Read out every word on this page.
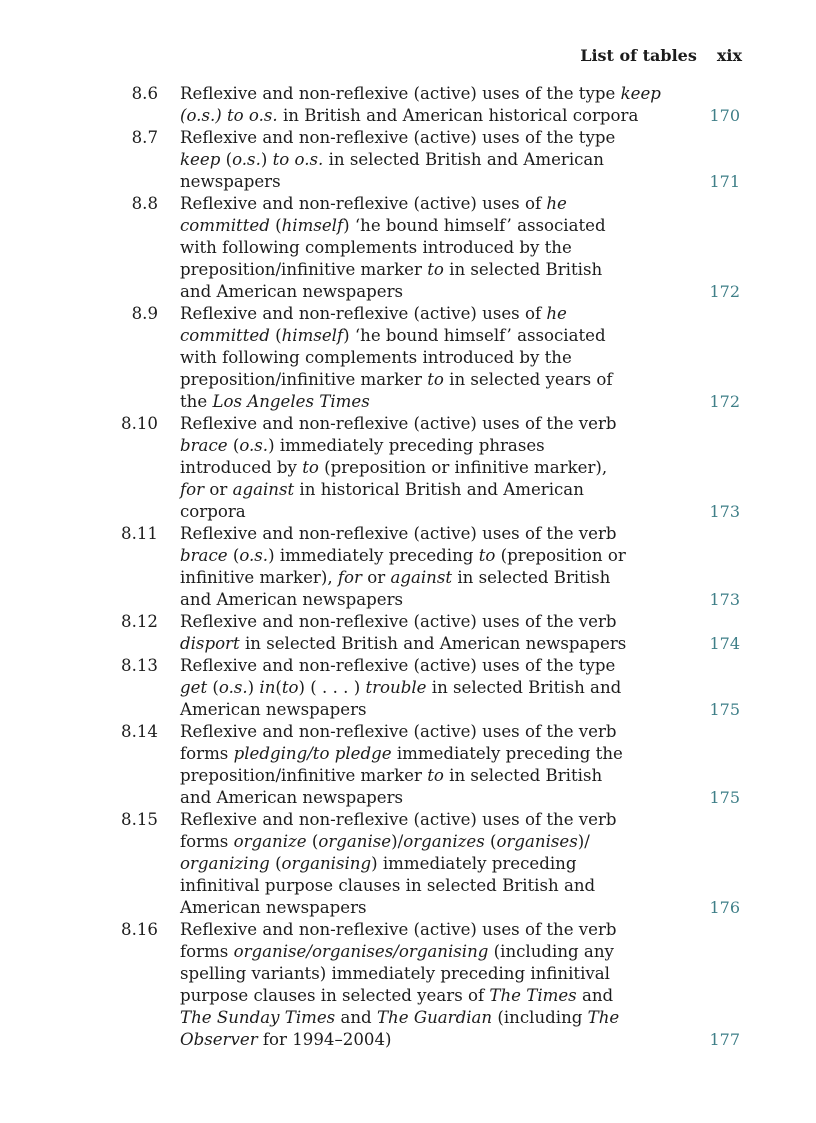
List of tables xix
8.6 Reflexive and non-reflexive (active) uses of the type keep
(o.s.) to o.s. in British and American historical corpora	170
8.7 Reflexive and non-reflexive (active) uses of the type
keep (o.s.) to o.s. in selected British and American
newspapers	171
8.8 Reflexive and non-reflexive (active) uses of he
committed (himself) ‘he bound himself’ associated
with following complements introduced by the
preposition/infinitive marker to in selected British
and American newspapers	172
8.9 Reflexive and non-reflexive (active) uses of he
committed (himself) ‘he bound himself’ associated
with following complements introduced by the
preposition/infinitive marker to in selected years of
the Los Angeles Times	172
8.10 Reflexive and non-reflexive (active) uses of the verb
brace (o.s.) immediately preceding phrases
introduced by to (preposition or infinitive marker),
for or against in historical British and American
corpora	173
8.11 Reflexive and non-reflexive (active) uses of the verb
brace (o.s.) immediately preceding to (preposition or
infinitive marker), for or against in selected British
and American newspapers	173
8.12 Reflexive and non-reflexive (active) uses of the verb
disport in selected British and American newspapers	174
8.13 Reflexive and non-reflexive (active) uses of the type
get (o.s.) in(to) ( . . . ) trouble in selected British and
American newspapers	175
8.14 Reflexive and non-reflexive (active) uses of the verb
forms pledging/to pledge immediately preceding the
preposition/infinitive marker to in selected British
and American newspapers	175
8.15 Reflexive and non-reflexive (active) uses of the verb
forms organize (organise)/organizes (organises)/
organizing (organising) immediately preceding
infinitival purpose clauses in selected British and
American newspapers	176
8.16 Reflexive and non-reflexive (active) uses of the verb
forms organise/organises/organising (including any
spelling variants) immediately preceding infinitival
purpose clauses in selected years of The Times and
The Sunday Times and The Guardian (including The
Observer for 1994–2004)	177
